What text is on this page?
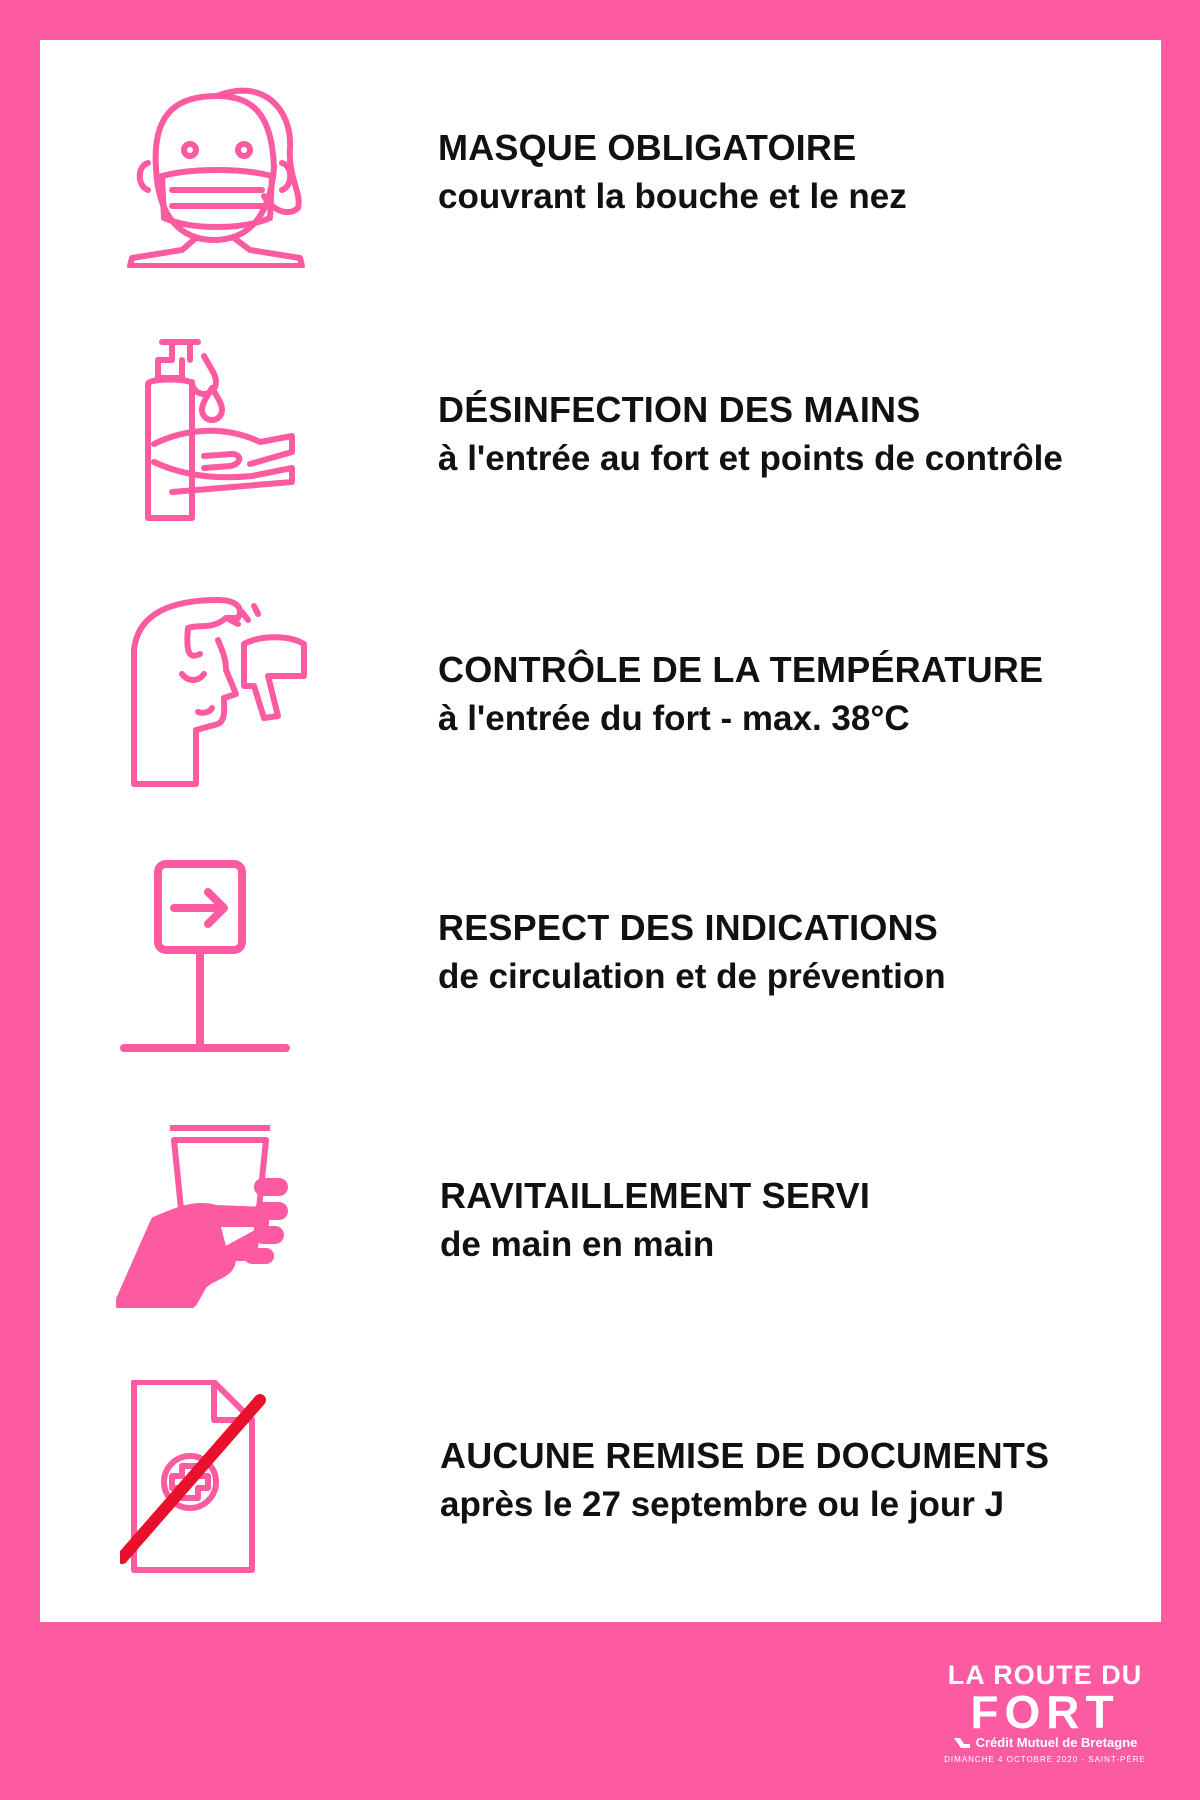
MASQUE OBLIGATOIRE
couvrant la bouche et le nez
DÉSINFECTION DES MAINS
à l'entrée au fort et points de contrôle
CONTRÔLE DE LA TEMPÉRATURE
à l'entrée du fort - max. 38°C
RESPECT DES INDICATIONS
de circulation et de prévention
RAVITAILLEMENT SERVI
de main en main
AUCUNE REMISE DE DOCUMENTS
après le 27 septembre ou le jour J
LA ROUTE DU
FORT
Crédit Mutuel de Bretagne
DIMANCHE 4 OCTOBRE 2020 - SAINT-PÈRE
